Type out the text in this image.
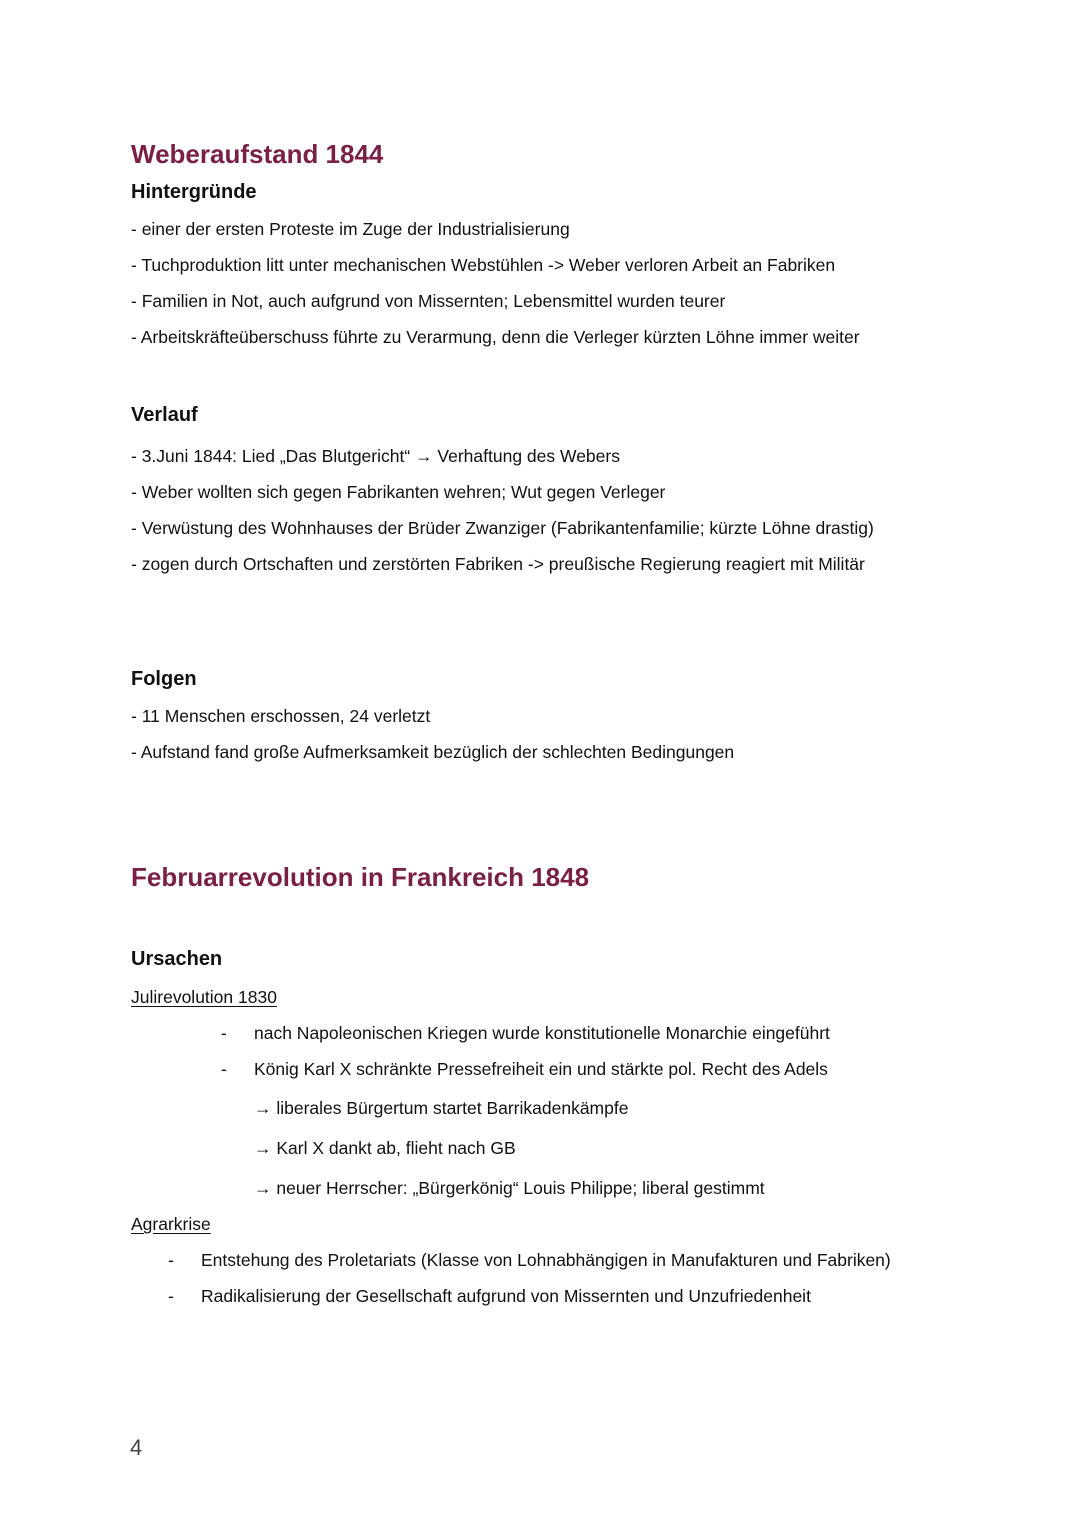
Weberaufstand 1844
Hintergründe

- einer der ersten Proteste im Zuge der Industrialisierung

- Tuchproduktion litt unter mechanischen Webstühlen -> Weber verloren Arbeit an Fabriken

- Familien in Not, auch aufgrund von Missernten; Lebensmittel wurden teurer

- Arbeitskräfteüberschuss führte zu Verarmung, denn die Verleger kürzten Löhne immer weiter

Verlauf

- 3.Juni 1844: Lied „Das Blutgericht“ → Verhaftung des Webers

- Weber wollten sich gegen Fabrikanten wehren; Wut gegen Verleger

- Verwüstung des Wohnhauses der Brüder Zwanziger (Fabrikantenfamilie; kürzte Löhne drastig)

- zogen durch Ortschaften und zerstörten Fabriken -> preußische Regierung reagiert mit Militär

Folgen

- 11 Menschen erschossen, 24 verletzt

- Aufstand fand große Aufmerksamkeit bezüglich der schlechten Bedingungen

Februarrevolution in Frankreich 1848
Ursachen

Julirevolution 1830

- nach Napoleonischen Kriegen wurde konstitutionelle Monarchie eingeführt
- König Karl X schränkte Pressefreiheit ein und stärkte pol. Recht des Adels

→ liberales Bürgertum startet Barrikadenkämpfe

→ Karl X dankt ab, flieht nach GB

→ neuer Herrscher: „Bürgerkönig“ Louis Philippe; liberal gestimmt

Agrarkrise

- Entstehung des Proletariats (Klasse von Lohnabhängigen in Manufakturen und Fabriken)
- Radikalisierung der Gesellschaft aufgrund von Missernten und Unzufriedenheit
4
